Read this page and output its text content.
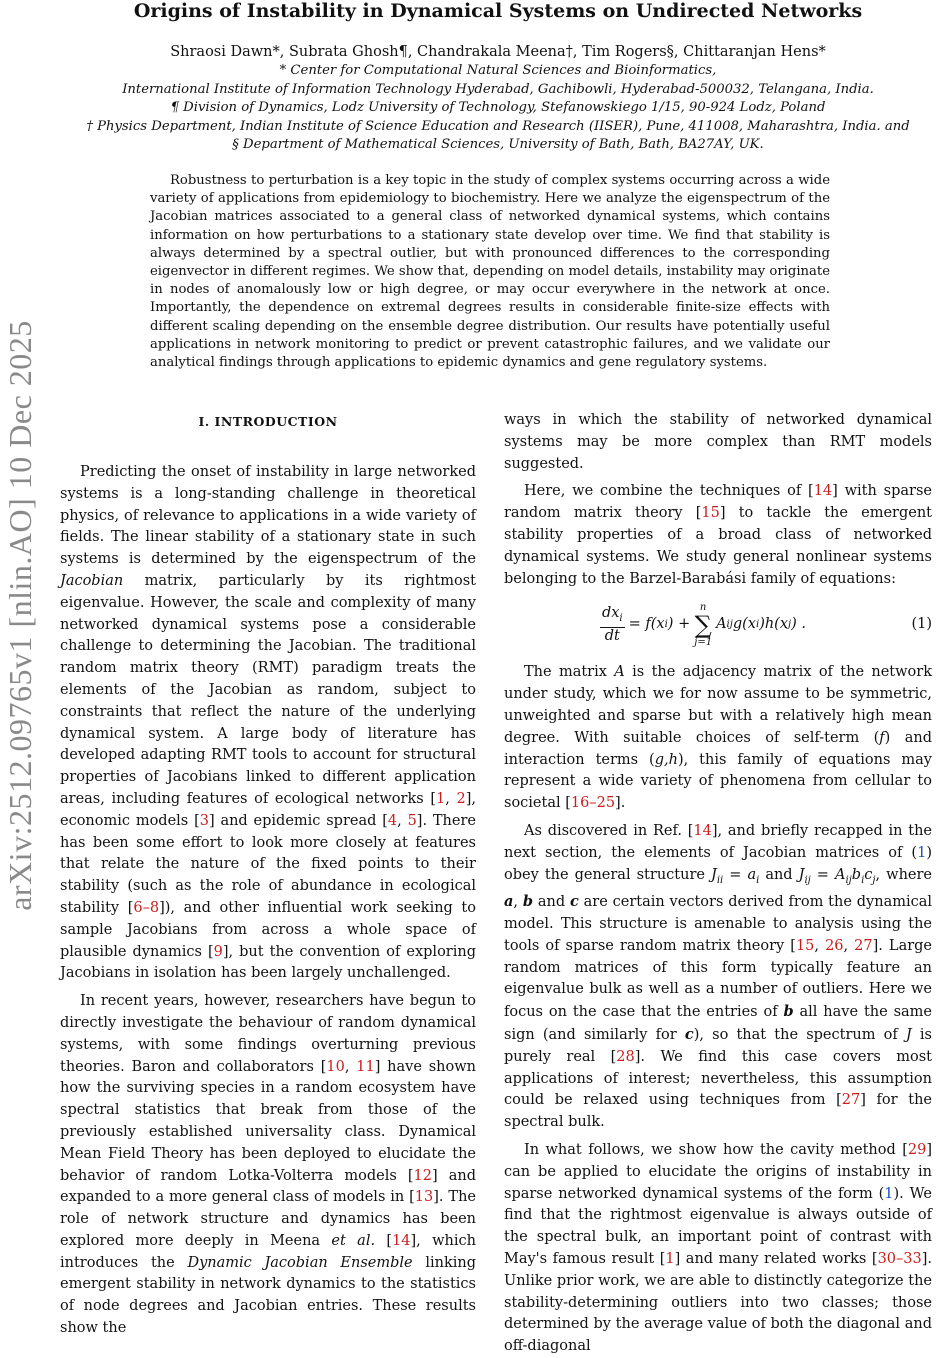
arXiv:2512.09765v1 [nlin.AO] 10 Dec 2025
Origins of Instability in Dynamical Systems on Undirected Networks
Shraosi Dawn*, Subrata Ghosh¶, Chandrakala Meena†, Tim Rogers§, Chittaranjan Hens*
* Center for Computational Natural Sciences and Bioinformatics,
International Institute of Information Technology Hyderabad, Gachibowli, Hyderabad-500032, Telangana, India.
¶ Division of Dynamics, Lodz University of Technology, Stefanowskiego 1/15, 90-924 Lodz, Poland
† Physics Department, Indian Institute of Science Education and Research (IISER), Pune, 411008, Maharashtra, India. and
§ Department of Mathematical Sciences, University of Bath, Bath, BA27AY, UK.

Robustness to perturbation is a key topic in the study of complex systems occurring across a wide variety of applications from epidemiology to biochemistry. Here we analyze the eigenspectrum of the Jacobian matrices associated to a general class of networked dynamical systems, which contains information on how perturbations to a stationary state develop over time. We find that stability is always determined by a spectral outlier, but with pronounced differences to the corresponding eigenvector in different regimes. We show that, depending on model details, instability may originate in nodes of anomalously low or high degree, or may occur everywhere in the network at once. Importantly, the dependence on extremal degrees results in considerable finite-size effects with different scaling depending on the ensemble degree distribution. Our results have potentially useful applications in network monitoring to predict or prevent catastrophic failures, and we validate our analytical findings through applications to epidemic dynamics and gene regulatory systems.

I. INTRODUCTION

Predicting the onset of instability in large networked systems is a long-standing challenge in theoretical physics, of relevance to applications in a wide variety of fields. The linear stability of a stationary state in such systems is determined by the eigenspectrum of the Jacobian matrix, particularly by its rightmost eigenvalue. However, the scale and complexity of many networked dynamical systems pose a considerable challenge to determining the Jacobian. The traditional random matrix theory (RMT) paradigm treats the elements of the Jacobian as random, subject to constraints that reflect the nature of the underlying dynamical system. A large body of literature has developed adapting RMT tools to account for structural properties of Jacobians linked to different application areas, including features of ecological networks [1, 2], economic models [3] and epidemic spread [4, 5]. There has been some effort to look more closely at features that relate the nature of the fixed points to their stability (such as the role of abundance in ecological stability [6–8]), and other influential work seeking to sample Jacobians from across a whole space of plausible dynamics [9], but the convention of exploring Jacobians in isolation has been largely unchallenged.

In recent years, however, researchers have begun to directly investigate the behaviour of random dynamical systems, with some findings overturning previous theories. Baron and collaborators [10, 11] have shown how the surviving species in a random ecosystem have spectral statistics that break from those of the previously established universality class. Dynamical Mean Field Theory has been deployed to elucidate the behavior of random Lotka-Volterra models [12] and expanded to a more general class of models in [13]. The role of network structure and dynamics has been explored more deeply in Meena et al. [14], which introduces the Dynamic Jacobian Ensemble linking emergent stability in network dynamics to the statistics of node degrees and Jacobian entries. These results show the

ways in which the stability of networked dynamical systems may be more complex than RMT models suggested.

Here, we combine the techniques of [14] with sparse random matrix theory [15] to tackle the emergent stability properties of a broad class of networked dynamical systems. We study general nonlinear systems belonging to the Barzel-Barabási family of equations:

$\frac{dx_i}{dt} = f(x$ i ) +
n
∑
j=1
A ij g(x i )h(x j ) .	(1)

The matrix A is the adjacency matrix of the network under study, which we for now assume to be symmetric, unweighted and sparse but with a relatively high mean degree. With suitable choices of self-term (f) and interaction terms (g,h), this family of equations may represent a wide variety of phenomena from cellular to societal [16–25].

As discovered in Ref. [14], and briefly recapped in the next section, the elements of Jacobian matrices of (1) obey the general structure $J_{ii} = a_i$ and $J_{ij} = A_{ij}b_ic_j$, where a, b and c are certain vectors derived from the dynamical model. This structure is amenable to analysis using the tools of sparse random matrix theory [15, 26, 27]. Large random matrices of this form typically feature an eigenvalue bulk as well as a number of outliers. Here we focus on the case that the entries of b all have the same sign (and similarly for c), so that the spectrum of J is purely real [28]. We find this case covers most applications of interest; nevertheless, this assumption could be relaxed using techniques from [27] for the spectral bulk.

In what follows, we show how the cavity method [29] can be applied to elucidate the origins of instability in sparse networked dynamical systems of the form (1). We find that the rightmost eigenvalue is always outside of the spectral bulk, an important point of contrast with May's famous result [1] and many related works [30–33]. Unlike prior work, we are able to distinctly categorize the stability-determining outliers into two classes; those determined by the average value of both the diagonal and off-diagonal
